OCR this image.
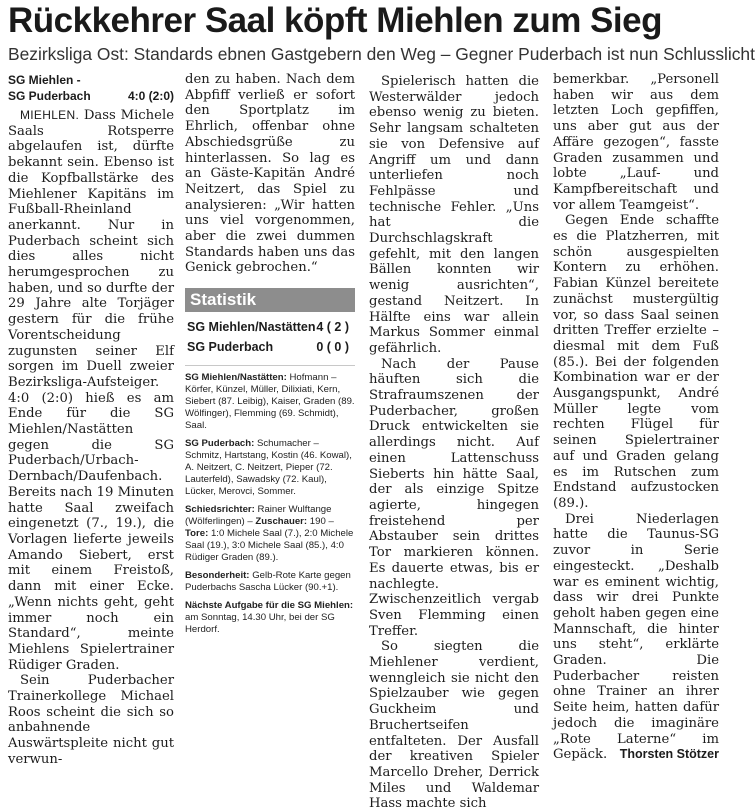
Rückkehrer Saal köpft Miehlen zum Sieg
Bezirksliga Ost: Standards ebnen Gastgebern den Weg – Gegner Puderbach ist nun Schlusslicht
SG Miehlen -
SG Puderbach	4:0 (2:0)

MIEHLEN. Dass Michele Saals Rotsperre abgelaufen ist, dürfte bekannt sein. Ebenso ist die Kopfballstärke des Miehlener Kapitäns im Fußball-Rheinland anerkannt. Nur in Puderbach scheint sich dies alles nicht herumgesprochen zu haben, und so durfte der 29 Jahre alte Torjäger gestern für die frühe Vorentscheidung zugunsten seiner Elf sorgen im Duell zweier Bezirksliga-Aufsteiger. 4:0 (2:0) hieß es am Ende für die SG Miehlen/Nastätten gegen die SG Puderbach/Urbach-Dernbach/Daufenbach. Bereits nach 19 Minuten hatte Saal zweifach eingenetzt (7., 19.), die Vorlagen lieferte jeweils Amando Siebert, erst mit einem Freistoß, dann mit einer Ecke. „Wenn nichts geht, geht immer noch ein Standard“, meinte Miehlens Spielertrainer Rüdiger Graden.

Sein Puderbacher Trainerkollege Michael Roos scheint die sich so anbahnende Auswärtspleite nicht gut verwun-

den zu haben. Nach dem Abpfiff verließ er sofort den Sportplatz im Ehrlich, offenbar ohne Abschiedsgrüße zu hinterlassen. So lag es an Gäste-Kapitän André Neitzert, das Spiel zu analysieren: „Wir hatten uns viel vorgenommen, aber die zwei dummen Standards haben uns das Genick gebrochen.“

Statistik
SG Miehlen/Nastätten 4 ( 2 )
SG Puderbach	0 ( 0 )
SG Miehlen/Nastätten: Hofmann – Körfer, Künzel, Müller, Dilixiati, Kern, Siebert (87. Leibig), Kaiser, Graden (89. Wölfinger), Flemming (69. Schmidt), Saal.
SG Puderbach: Schumacher – Schmitz, Hartstang, Kostin (46. Kowal), A. Neitzert, C. Neitzert, Pieper (72. Lauterfeld), Sawadsky (72. Kaul), Lücker, Merovci, Sommer.
Schiedsrichter: Rainer Wulftange (Wölferlingen) – Zuschauer: 190 – Tore: 1:0 Michele Saal (7.), 2:0 Michele Saal (19.), 3:0 Michele Saal (85.), 4:0 Rüdiger Graden (89.).
Besonderheit: Gelb-Rote Karte gegen Puderbachs Sascha Lücker (90.+1).
Nächste Aufgabe für die SG Miehlen: am Sonntag, 14.30 Uhr, bei der SG Herdorf.

Spielerisch hatten die Westerwälder jedoch ebenso wenig zu bieten. Sehr langsam schalteten sie von Defensive auf Angriff um und dann unterliefen noch Fehlpässe und technische Fehler. „Uns hat die Durchschlagskraft gefehlt, mit den langen Bällen konnten wir wenig ausrichten“, gestand Neitzert. In Hälfte eins war allein Markus Sommer einmal gefährlich.

Nach der Pause häuften sich die Strafraumszenen der Puderbacher, großen Druck entwickelten sie allerdings nicht. Auf einen Lattenschuss Sieberts hin hätte Saal, der als einzige Spitze agierte, hingegen freistehend per Abstauber sein drittes Tor markieren können. Es dauerte etwas, bis er nachlegte. Zwischenzeitlich vergab Sven Flemming einen Treffer.

So siegten die Miehlener verdient, wenngleich sie nicht den Spielzauber wie gegen Guckheim und Bruchertseifen entfalteten. Der Ausfall der kreativen Spieler Marcello Dreher, Derrick Miles und Waldemar Hass machte sich

bemerkbar. „Personell haben wir aus dem letzten Loch gepfiffen, uns aber gut aus der Affäre gezogen“, fasste Graden zusammen und lobte „Lauf- und Kampfbereitschaft und vor allem Teamgeist“.

Gegen Ende schaffte es die Platzherren, mit schön ausgespielten Kontern zu erhöhen. Fabian Künzel bereitete zunächst mustergültig vor, so dass Saal seinen dritten Treffer erzielte – diesmal mit dem Fuß (85.). Bei der folgenden Kombination war er der Ausgangspunkt, André Müller legte vom rechten Flügel für seinen Spielertrainer auf und Graden gelang es im Rutschen zum Endstand aufzustocken (89.).

Drei Niederlagen hatte die Taunus-SG zuvor in Serie eingesteckt. „Deshalb war es eminent wichtig, dass wir drei Punkte geholt haben gegen eine Mannschaft, die hinter uns steht“, erklärte Graden. Die Puderbacher reisten ohne Trainer an ihrer Seite heim, hatten dafür jedoch die imaginäre „Rote Laterne“ im Gepäck. Thorsten Stötzer
